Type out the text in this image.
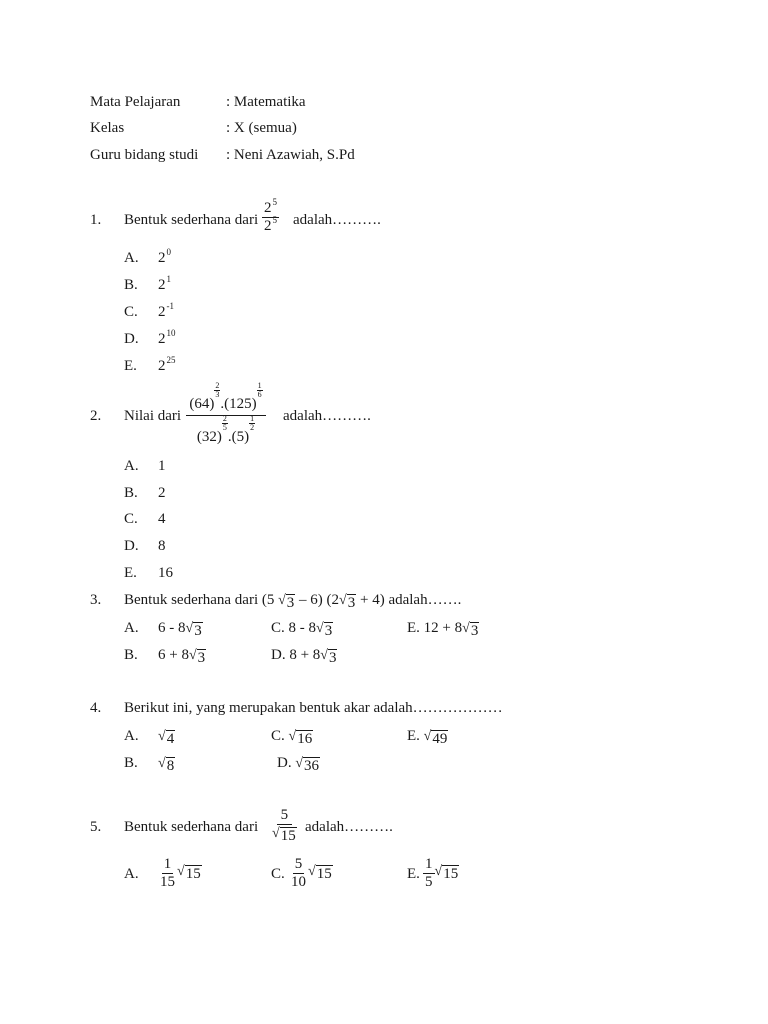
Mata Pelajaran	: Matematika
Kelas	: X (semua)
Guru bidang studi : Neni Azawiah, S.Pd
1. Bentuk sederhana dari $\frac{2^5}{2^5}$ adalah……….
A. $2^0$
B. $2^1$
C. $2^{-1}$
D. $2^{10}$
E. $2^{25}$
2. Nilai dari ( 64 )
2
3
.( 125 )
1
6
( 32 )
2
5
.( 5 )
1
2 adalah……….
A. 1
B. 2
C. 4
D. 8
E. 16
3. Bentuk sederhana dari (5 √ 3 – 6) (2 √ 3 + 4) adalah…….
A. 6 - 8 √ 3	C. 8 - 8 √ 3	E. 12 + 8 √ 3
B. 6 + 8 √ 3	D. 8 + 8 √ 3
4. Berikut ini, yang merupakan bentuk akar adalah………………
A. √ 4	C. √ 16	E. √ 49
B. √ 8	D. √ 36
5. Bentuk sederhana dari $\frac{5}{√ 15}$ adalah……….
A. $\frac{1}{15}$ √ 15	C. $\frac{5}{10}$ √ 15	E. $\frac{1}{5}$ √ 15
